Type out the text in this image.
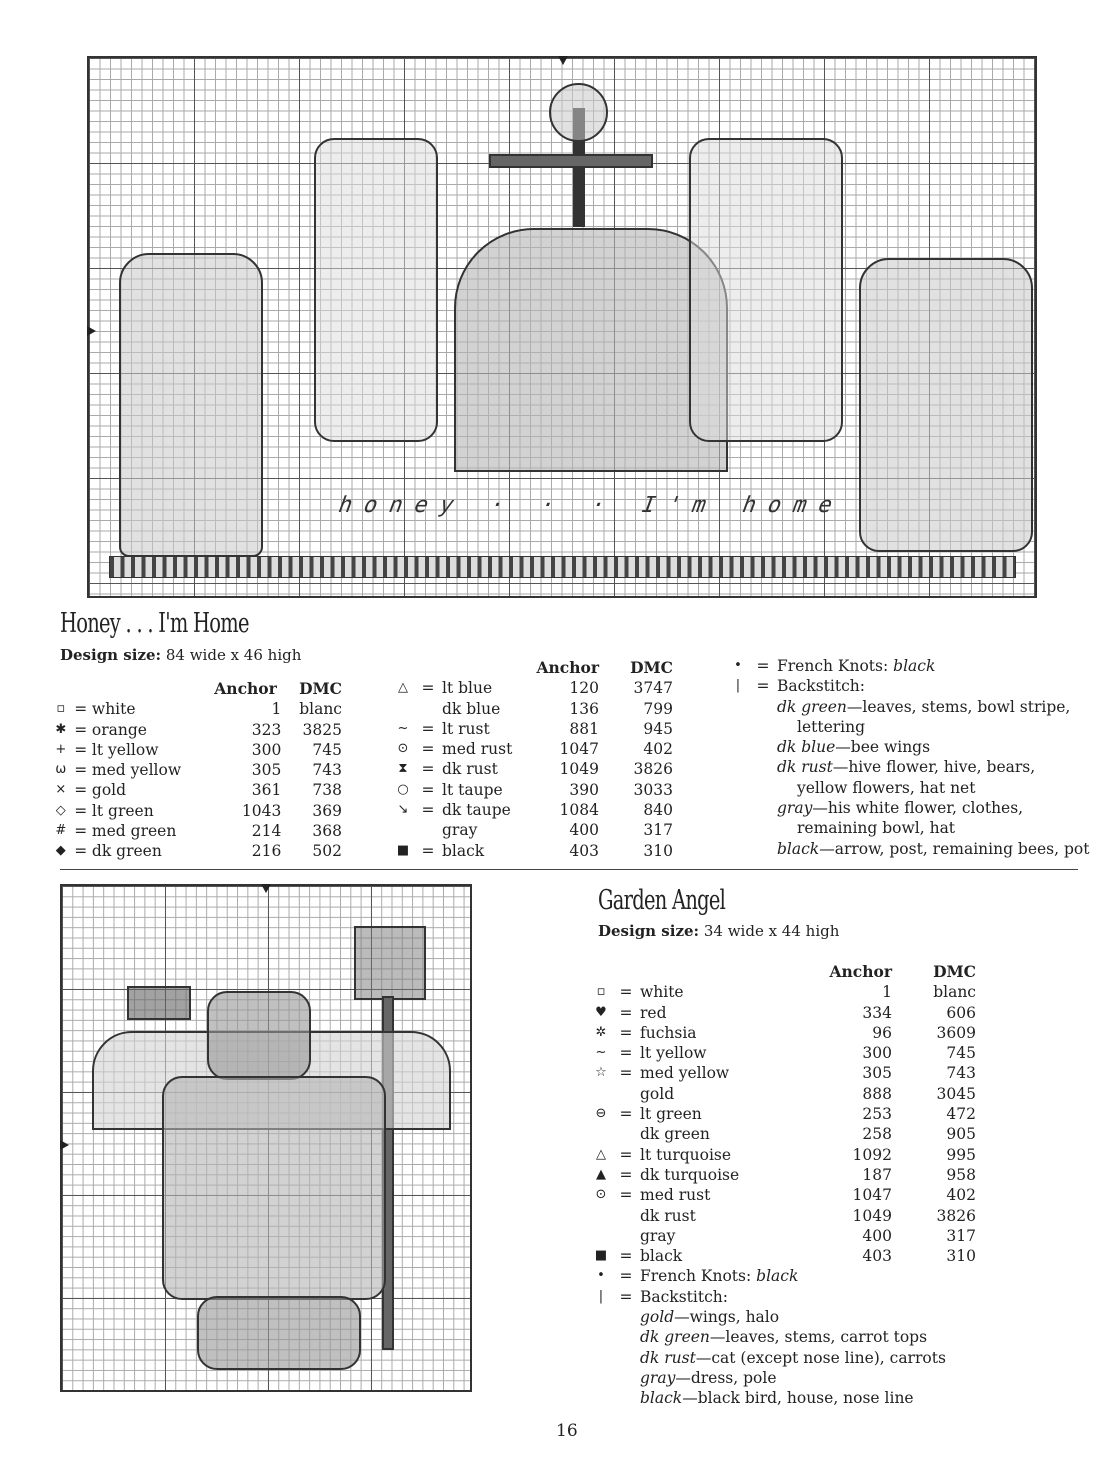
honey · · · I'm home
Honey . . . I'm Home
Design size: 84 wide x 46 high
Anchor	DMC
▫ = white	1	blanc
✱ = orange	323	3825
+ = lt yellow	300	745
ω = med yellow	305	743
× = gold	361	738
◇ = lt green	1043	369
# = med green	214	368
◆ = dk green	216	502
Anchor	DMC
△ = lt blue	120	3747
dk blue	136	799
~ = lt rust	881	945
⊙ = med rust	1047	402
⧗ = dk rust	1049	3826
○ = lt taupe	390	3033
↘ = dk taupe	1084	840
gray	400	317
■ = black	403	310
• = French Knots:
black
|	= Backstitch:
dk green —leaves, stems, bowl stripe,
lettering
dk blue —bee wings
dk rust —hive flower, hive, bears,
yellow flowers, hat net
gray —his white flower, clothes,
remaining bowl, hat
black —arrow, post, remaining bees, pot
Garden Angel
Design size: 34 wide x 44 high
Anchor	DMC
▫ = white	1	blanc
♥ = red	334	606
✲ = fuchsia	96	3609
~ = lt yellow	300	745
☆ = med yellow	305	743
gold	888	3045
⊖ = lt green	253	472
dk green	258	905
△ = lt turquoise	1092	995
▲ = dk turquoise	187	958
⊙ = med rust	1047	402
dk rust	1049	3826
gray	400	317
■ = black	403	310
• = French Knots:
black
|	= Backstitch:
gold —wings, halo
dk green —leaves, stems, carrot tops
dk rust —cat (except nose line), carrots
gray —dress, pole
black —black bird, house, nose line
16
